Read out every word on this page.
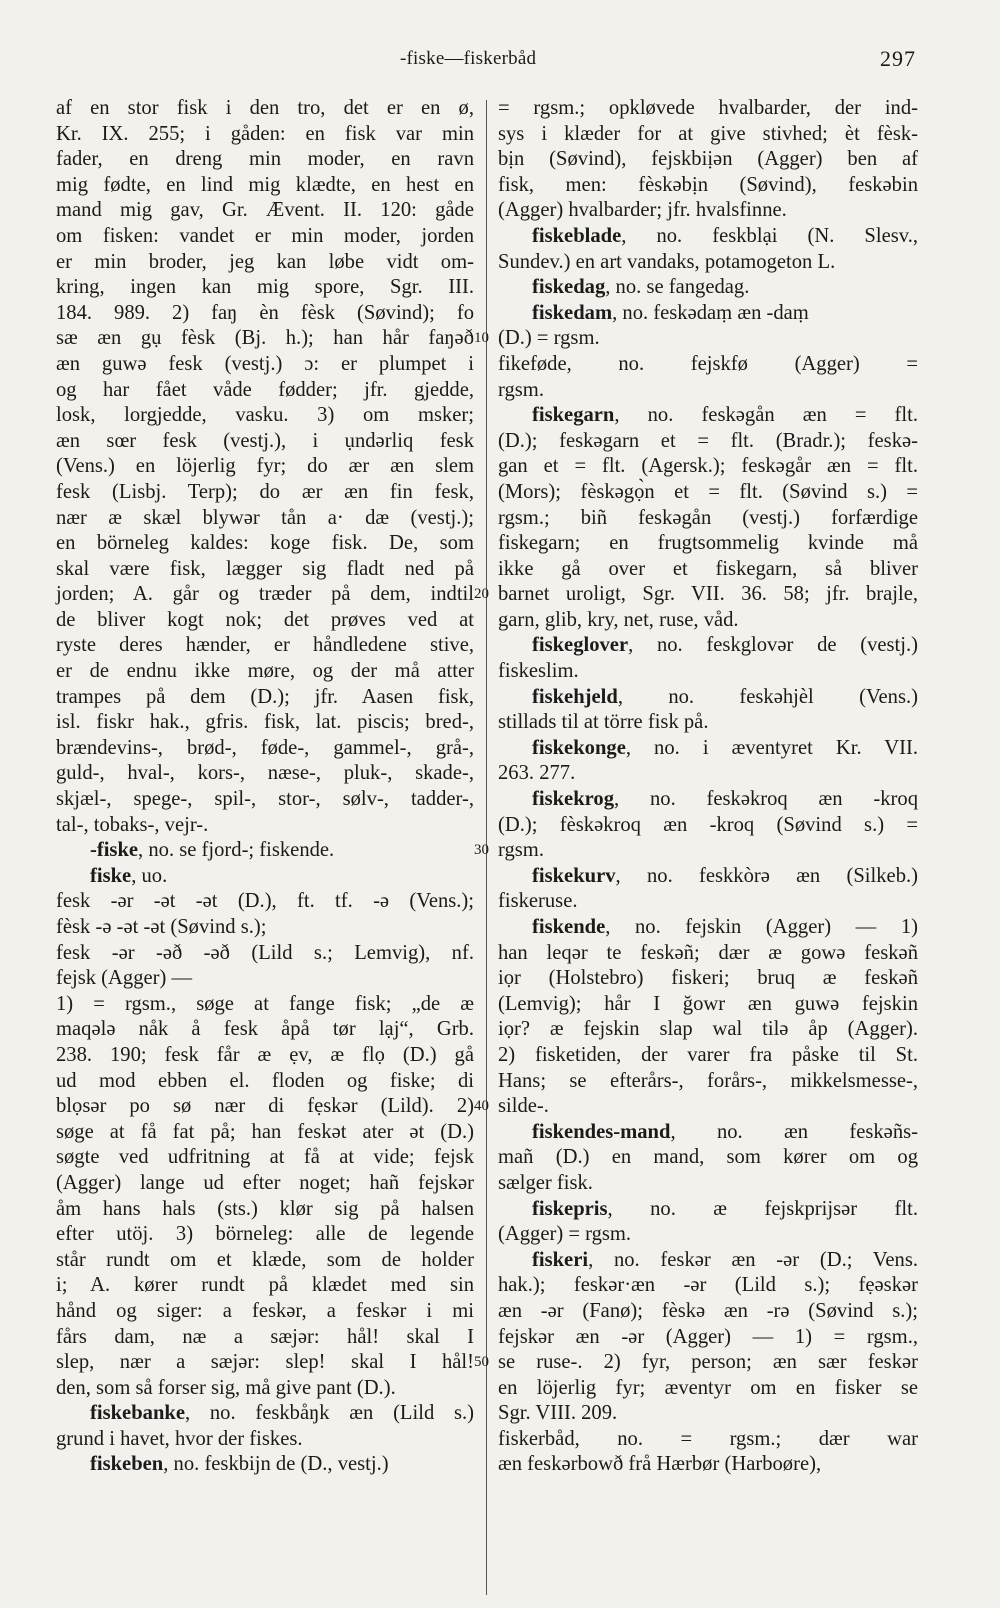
-fiske—fiskerbåd	297
af en stor fisk i den tro, det er en ø,
Kr. IX. 255; i gåden: en fisk var min
fader, en dreng min moder, en ravn
mig fødte, en lind mig klædte, en hest en
mand mig gav, Gr. Ævent. II. 120: gåde
om fisken: vandet er min moder, jorden
er min broder, jeg kan løbe vidt om-
kring, ingen kan mig spore, Sgr. III.
184. 989. 2) faŋ èn fèsk (Søvind); fo
sæ æn gụ fèsk (Bj. h.); han hår faŋəð
æn guwə fesk (vestj.) ɔ: er plumpet i
og har fået våde fødder; jfr. gjedde,
losk, lorgjedde, vasku. 3) om msker;
æn sœr fesk (vestj.), i ụndərliq fesk
(Vens.) en löjerlig fyr; do ær æn slem
fesk (Lisbj. Terp); do ær æn fin fesk,
nær æ skæl blywər tån a· dæ (vestj.);
en börneleg kaldes: koge fisk. De, som
skal være fisk, lægger sig fladt ned på
jorden; A. går og træder på dem, indtil
de bliver kogt nok; det prøves ved at
ryste deres hænder, er håndledene stive,
er de endnu ikke møre, og der må atter
trampes på dem (D.); jfr. Aasen fisk,
isl. fiskr hak., gfris. fisk, lat. piscis; bred-,
brændevins-, brød-, føde-, gammel-, grå-,
guld-, hval-, kors-, næse-, pluk-, skade-,
skjæl-, spege-, spil-, stor-, sølv-, tadder-,
tal-, tobaks-, vejr-.
-fiske, no. se fjord-; fiskende.
fiske, uo.
fesk -ər -ət -ət (D.), ft. tf. -ə (Vens.);
fèsk -ə -ət -ət (Søvind s.);
fesk -ər -əð -əð (Lild s.; Lemvig), nf.
fejsk (Agger) —
1) = rgsm., søge at fange fisk; „de æ
maqələ nåk å fesk åpå tør lạj“, Grb.
238. 190; fesk får æ ẹv, æ flọ (D.) gå
ud mod ebben el. floden og fiske; di
blọsər po sø nær di fẹskər (Lild). 2)
søge at få fat på; han feskət ater ət (D.)
søgte ved udfritning at få at vide; fejsk
(Agger) lange ud efter noget; hañ fejskər
åm hans hals (sts.) klør sig på halsen
efter utöj. 3) börneleg: alle de legende
står rundt om et klæde, som de holder
i; A. kører rundt på klædet med sin
hånd og siger: a feskər, a feskər i mi
fårs dam, næ a sæjər: hål! skal I
slep, nær a sæjər: slep! skal I hål!
den, som så forser sig, må give pant (D.).
fiskebanke, no. feskbåŋk æn (Lild s.)
grund i havet, hvor der fiskes.
fiskeben, no. feskbijn de (D., vestj.)
10
20
30
40
50
= rgsm.; opkløvede hvalbarder, der ind-
sys i klæder for at give stivhed; èt fèsk-
bịn (Søvind), fejskbiịən (Agger) ben af
fisk, men: fèskəbịn (Søvind), feskəbin
(Agger) hvalbarder; jfr. hvalsfinne.
fiskeblade, no. feskblại (N. Slesv.,
Sundev.) en art vandaks, potamogeton L.
fiskedag, no. se fangedag.
fiskedam, no. feskədaṃ æn -daṃ
(D.) = rgsm.
fikeføde, no. fejskfø (Agger) =
rgsm.
fiskegarn, no. feskəgån æn = flt.
(D.); feskəgarn et = flt. (Bradr.); feskə-
gan et = flt. (Agersk.); feskəgår æn = flt.
(Mors); fèskəgọ̀n et = flt. (Søvind s.) =
rgsm.; biñ feskəgån (vestj.) forfærdige
fiskegarn; en frugtsommelig kvinde må
ikke gå over et fiskegarn, så bliver
barnet uroligt, Sgr. VII. 36. 58; jfr. brajle,
garn, glib, kry, net, ruse, våd.
fiskeglover, no. feskglovər de (vestj.)
fiskeslim.
fiskehjeld, no. feskəhjèl (Vens.)
stillads til at törre fisk på.
fiskekonge, no. i æventyret Kr. VII.
263. 277.
fiskekrog, no. feskəkroq æn -kroq
(D.); fèskəkroq æn -kroq (Søvind s.) =
rgsm.
fiskekurv, no. feskkòrə æn (Silkeb.)
fiskeruse.
fiskende, no. fejskin (Agger) — 1)
han leqər te feskəñ; dær æ gowə feskəñ
iọr (Holstebro) fiskeri; bruq æ feskəñ
(Lemvig); hår I ğowr æn guwə fejskin
iọr? æ fejskin slap wal tilə åp (Agger).
2) fisketiden, der varer fra påske til St.
Hans; se efterårs-, forårs-, mikkelsmesse-,
silde-.
fiskendes-mand, no. æn feskəñs-
mañ (D.) en mand, som kører om og
sælger fisk.
fiskepris, no. æ fejskprijsər flt.
(Agger) = rgsm.
fiskeri, no. feskər æn -ər (D.; Vens.
hak.); feskər·æn -ər (Lild s.); fẹəskər
æn -ər (Fanø); fèskə æn -rə (Søvind s.);
fejskər æn -ər (Agger) — 1) = rgsm.,
se ruse-. 2) fyr, person; æn sær feskər
en löjerlig fyr; æventyr om en fisker se
Sgr. VIII. 209.
fiskerbåd, no. = rgsm.; dær war
æn feskərbowð frå Hærbør (Harboøre),
